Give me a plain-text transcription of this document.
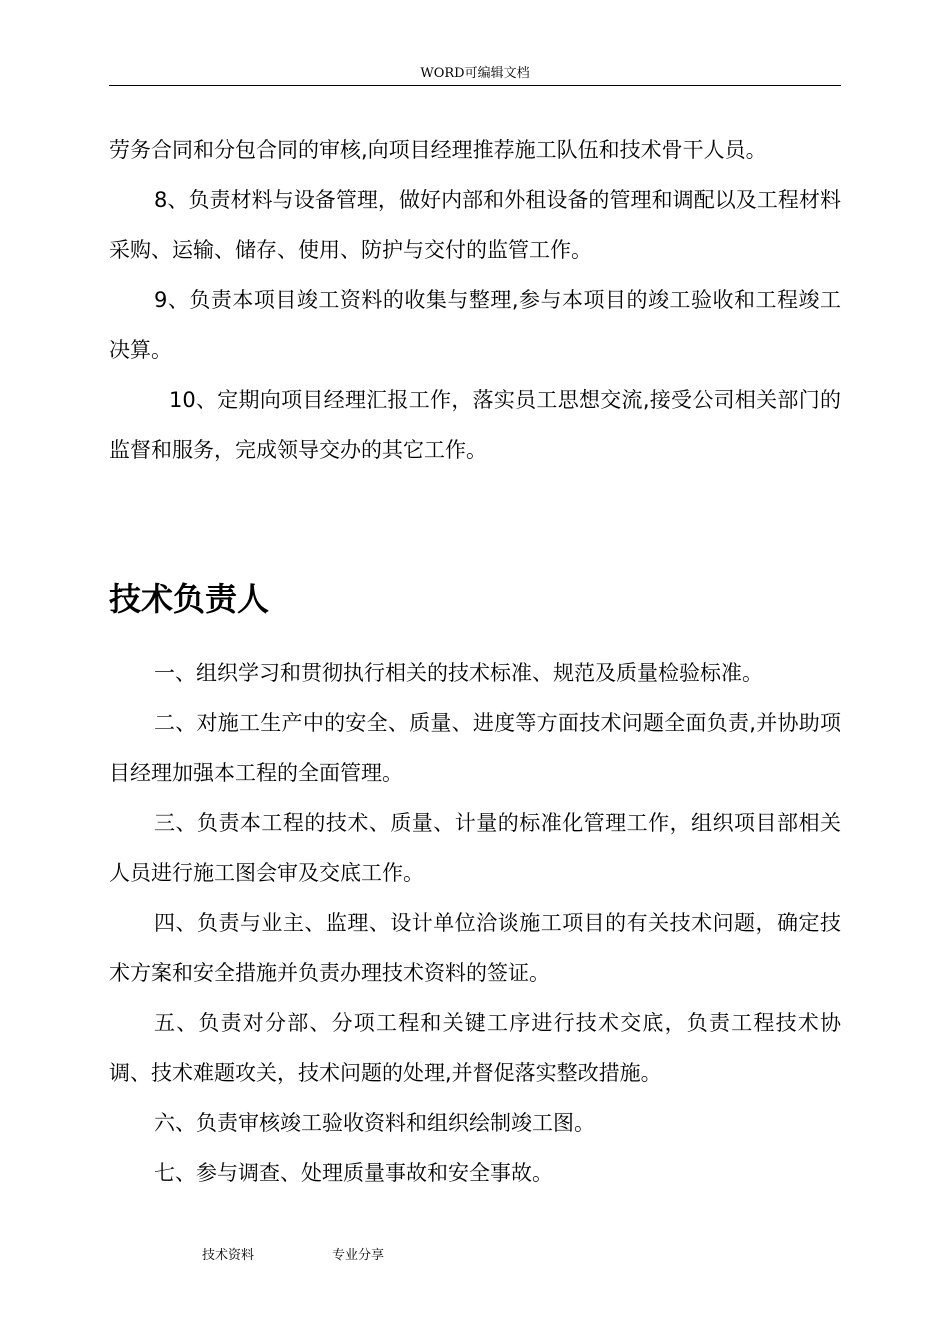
WORD可编辑文档

劳务合同和分包合同的审核,向项目经理推荐施工队伍和技术骨干人员。

8、负责材料与设备管理，做好内部和外租设备的管理和调配以及工程材料采购、运输、储存、使用、防护与交付的监管工作。

9、负责本项目竣工资料的收集与整理,参与本项目的竣工验收和工程竣工决算。

10、定期向项目经理汇报工作，落实员工思想交流,接受公司相关部门的监督和服务，完成领导交办的其它工作。

技术负责人

一、组织学习和贯彻执行相关的技术标准、规范及质量检验标准。

二、对施工生产中的安全、质量、进度等方面技术问题全面负责,并协助项目经理加强本工程的全面管理。

三、负责本工程的技术、质量、计量的标准化管理工作，组织项目部相关人员进行施工图会审及交底工作。

四、负责与业主、监理、设计单位洽谈施工项目的有关技术问题，确定技术方案和安全措施并负责办理技术资料的签证。

五、负责对分部、分项工程和关键工序进行技术交底，负责工程技术协调、技术难题攻关，技术问题的处理,并督促落实整改措施。

六、负责审核竣工验收资料和组织绘制竣工图。

七、参与调查、处理质量事故和安全事故。

技术资料	专业分享
